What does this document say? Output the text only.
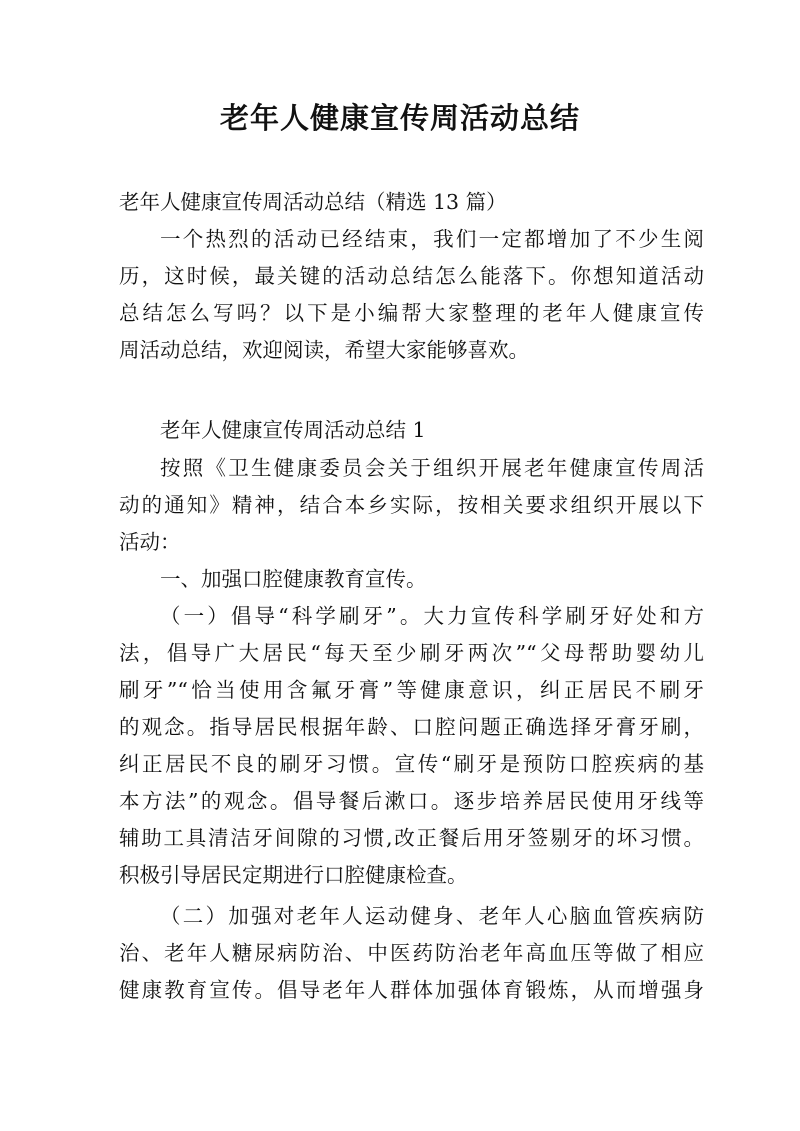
老年人健康宣传周活动总结
老年人健康宣传周活动总结（精选 13 篇）
一个热烈的活动已经结束，我们一定都增加了不少生阅
历，这时候，最关键的活动总结怎么能落下。你想知道活动
总结怎么写吗？以下是小编帮大家整理的老年人健康宣传
周活动总结，欢迎阅读，希望大家能够喜欢。
老年人健康宣传周活动总结 1
按照《卫生健康委员会关于组织开展老年健康宣传周活
动的通知》精神，结合本乡实际，按相关要求组织开展以下
活动：
一、加强口腔健康教育宣传。
（一）倡导“科学刷牙”。大力宣传科学刷牙好处和方
法，倡导广大居民“每天至少刷牙两次”“父母帮助婴幼儿
刷牙”“恰当使用含氟牙膏”等健康意识，纠正居民不刷牙
的观念。指导居民根据年龄、口腔问题正确选择牙膏牙刷，
纠正居民不良的刷牙习惯。宣传“刷牙是预防口腔疾病的基
本方法”的观念。倡导餐后漱口。逐步培养居民使用牙线等
辅助工具清洁牙间隙的习惯,改正餐后用牙签剔牙的坏习惯。
积极引导居民定期进行口腔健康检查。
（二）加强对老年人运动健身、老年人心脑血管疾病防
治、老年人糖尿病防治、中医药防治老年高血压等做了相应
健康教育宣传。倡导老年人群体加强体育锻炼，从而增强身
